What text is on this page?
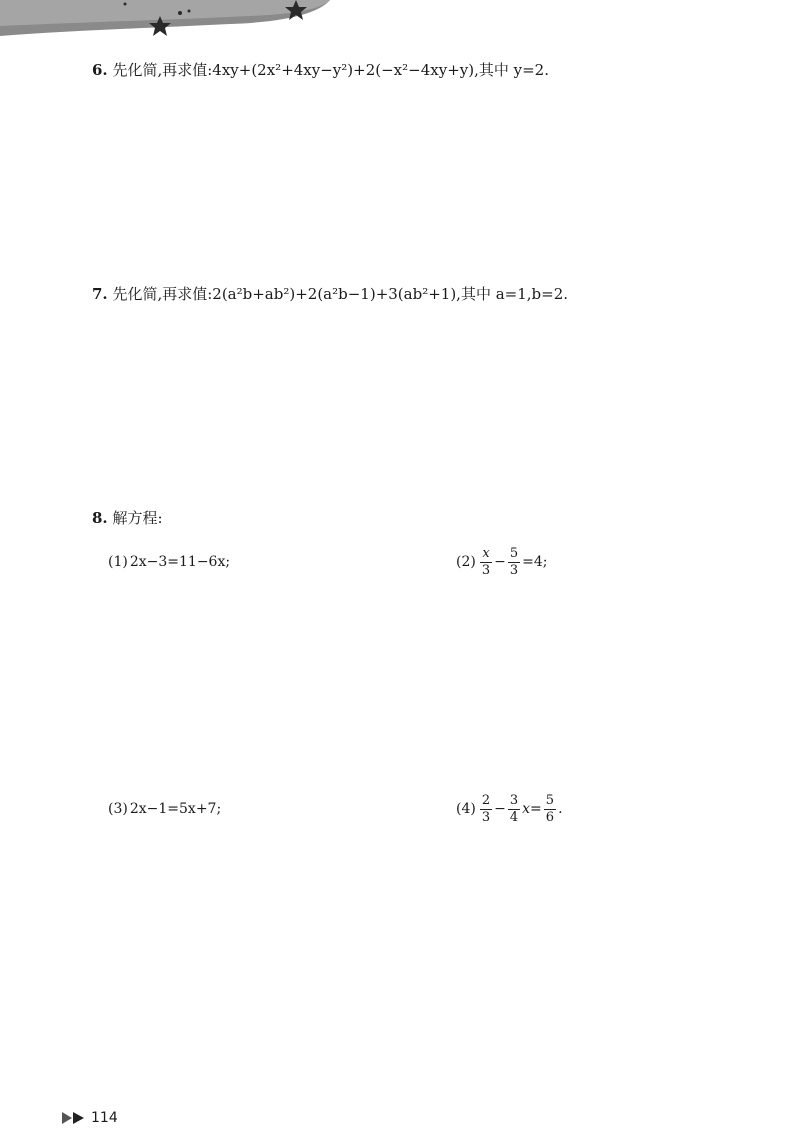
6. 先化简,再求值:4xy+(2x²+4xy−y²)+2(−x²−4xy+y),其中 y=2.
7. 先化简,再求值:2(a²b+ab²)+2(a²b−1)+3(ab²+1),其中 a=1,b=2.
8. 解方程:
(1) 2x−3=11−6x;	$(2) \frac{x}{3} - \frac{5}{3} =4$;
(3) 2x−1=5x+7;	$(4) \frac{2}{3} - \frac{3}{4} x= \frac{5}{6}$ .
114
